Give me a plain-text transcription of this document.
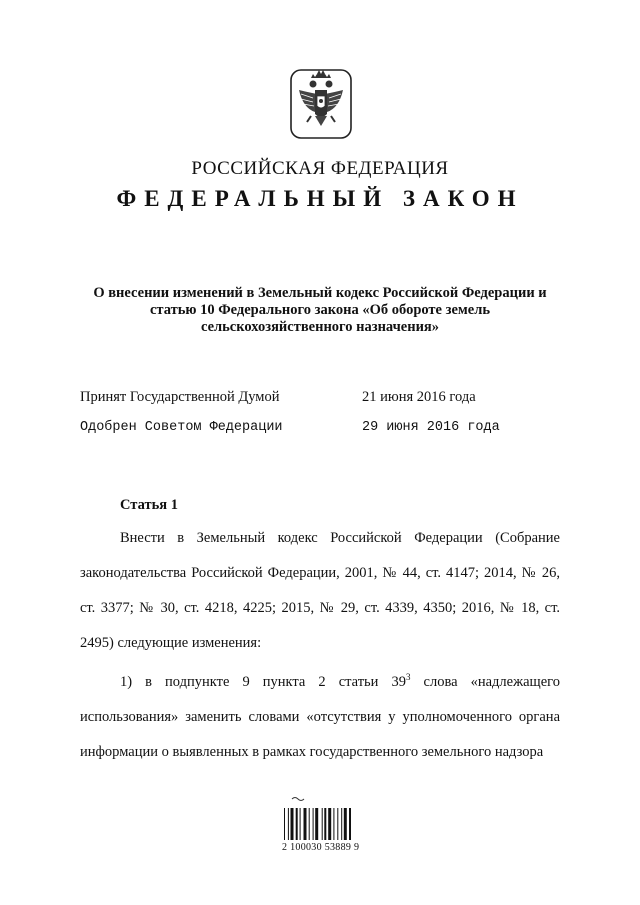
РОССИЙСКАЯ ФЕДЕРАЦИЯ
ФЕДЕРАЛЬНЫЙ ЗАКОН
О внесении изменений в Земельный кодекс Российской Федерации и
статью 10 Федерального закона «Об обороте земель
сельскохозяйственного назначения»
Принят Государственной Думой	21 июня 2016 года
Одобрен Советом Федерации	29 июня 2016 года
Статья 1
Внести в Земельный кодекс Российской Федерации (Собрание законодательства Российской Федерации, 2001, № 44, ст. 4147; 2014, № 26, ст. 3377; № 30, ст. 4218, 4225; 2015, № 29, ст. 4339, 4350; 2016, № 18, ст. 2495) следующие изменения:
1) в подпункте 9 пункта 2 статьи $39^3$ слова «надлежащего использования» заменить словами «отсутствия у уполномоченного органа информации о выявленных в рамках государственного земельного надзора
2 100030 53889 9
